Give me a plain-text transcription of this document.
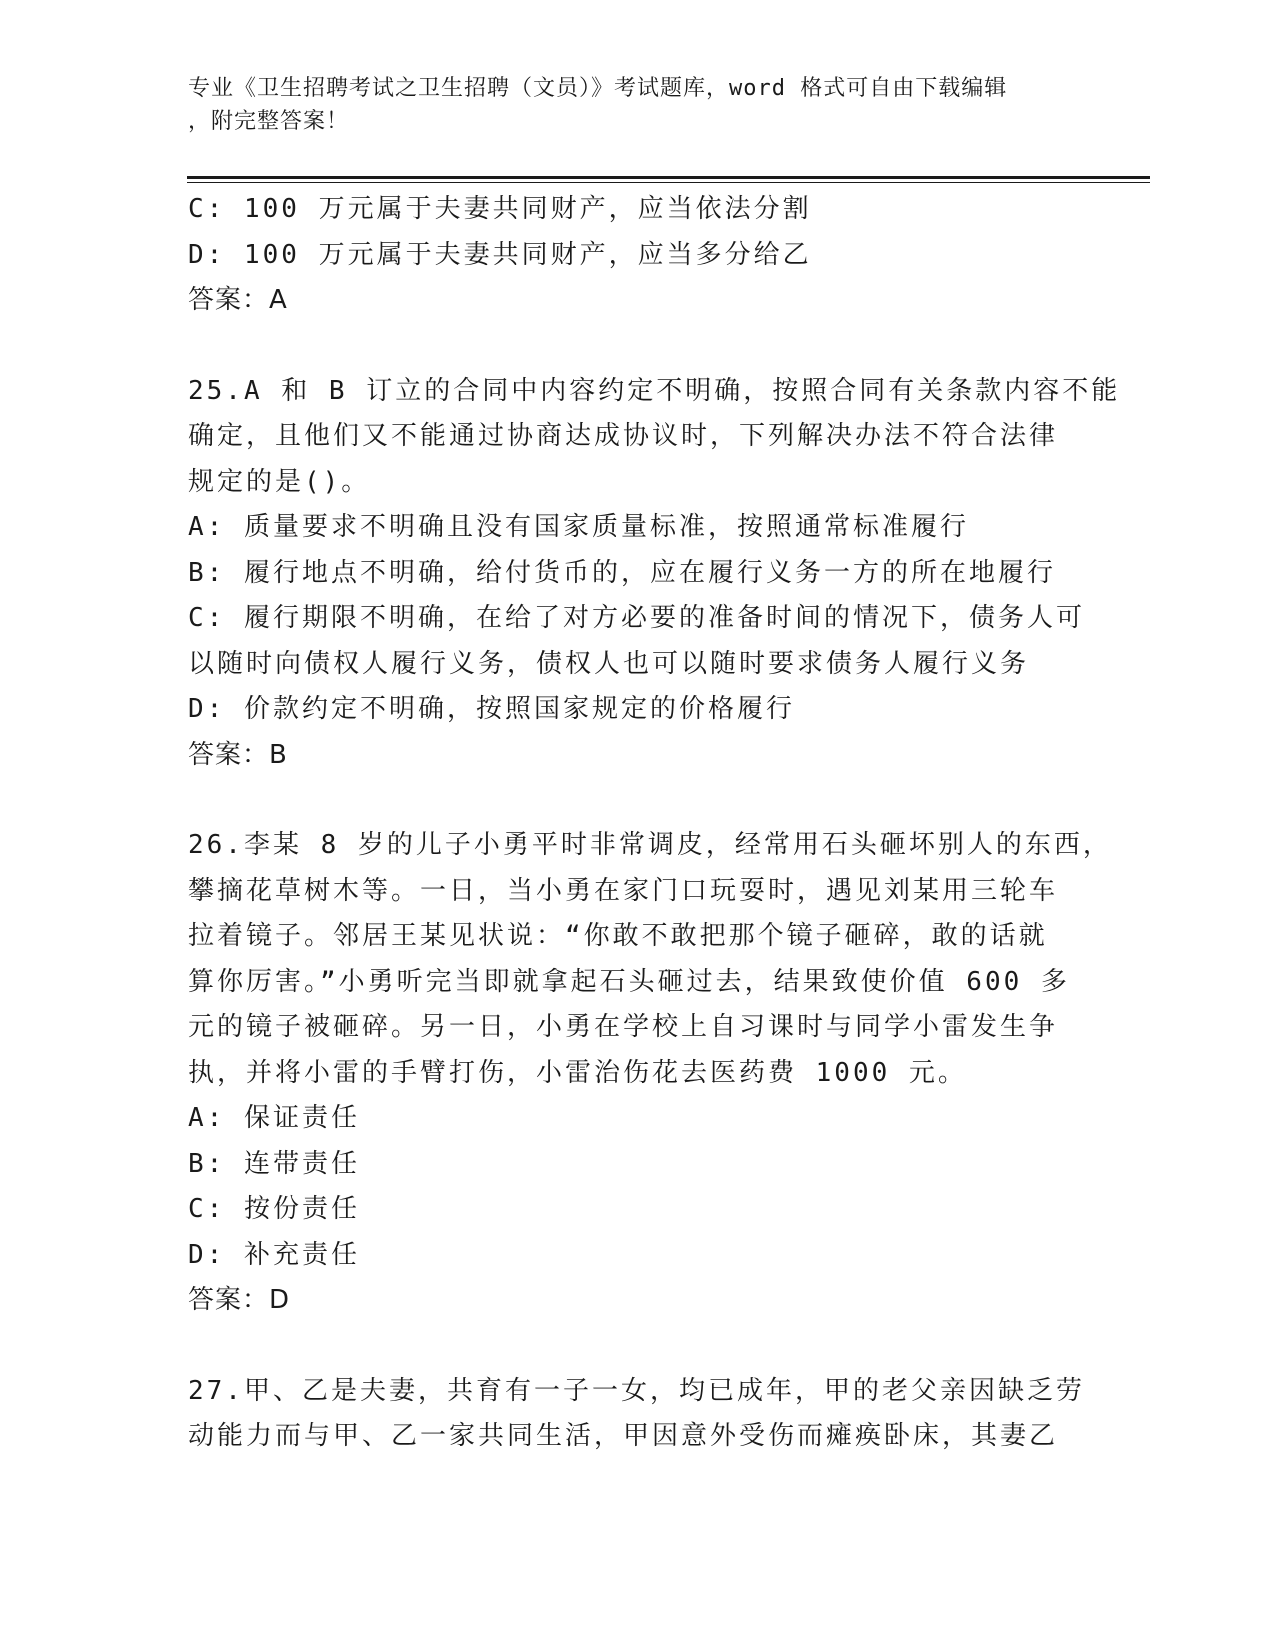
专业《卫生招聘考试之卫生招聘（文员）》考试题库，word 格式可自由下载编辑
，附完整答案！
C: 100 万元属于夫妻共同财产，应当依法分割
D: 100 万元属于夫妻共同财产，应当多分给乙
答案：A
25.A 和 B 订立的合同中内容约定不明确，按照合同有关条款内容不能
确定，且他们又不能通过协商达成协议时，下列解决办法不符合法律
规定的是()。
A: 质量要求不明确且没有国家质量标准，按照通常标准履行
B: 履行地点不明确，给付货币的，应在履行义务一方的所在地履行
C: 履行期限不明确，在给了对方必要的准备时间的情况下，债务人可
以随时向债权人履行义务，债权人也可以随时要求债务人履行义务
D: 价款约定不明确，按照国家规定的价格履行
答案：B
26.李某 8 岁的儿子小勇平时非常调皮，经常用石头砸坏别人的东西，
攀摘花草树木等。一日，当小勇在家门口玩耍时，遇见刘某用三轮车
拉着镜子。邻居王某见状说：“你敢不敢把那个镜子砸碎，敢的话就
算你厉害。”小勇听完当即就拿起石头砸过去，结果致使价值 600 多
元的镜子被砸碎。另一日，小勇在学校上自习课时与同学小雷发生争
执，并将小雷的手臂打伤，小雷治伤花去医药费 1000 元。
A: 保证责任
B: 连带责任
C: 按份责任
D: 补充责任
答案：D
27.甲、乙是夫妻，共育有一子一女，均已成年，甲的老父亲因缺乏劳
动能力而与甲、乙一家共同生活，甲因意外受伤而瘫痪卧床，其妻乙
